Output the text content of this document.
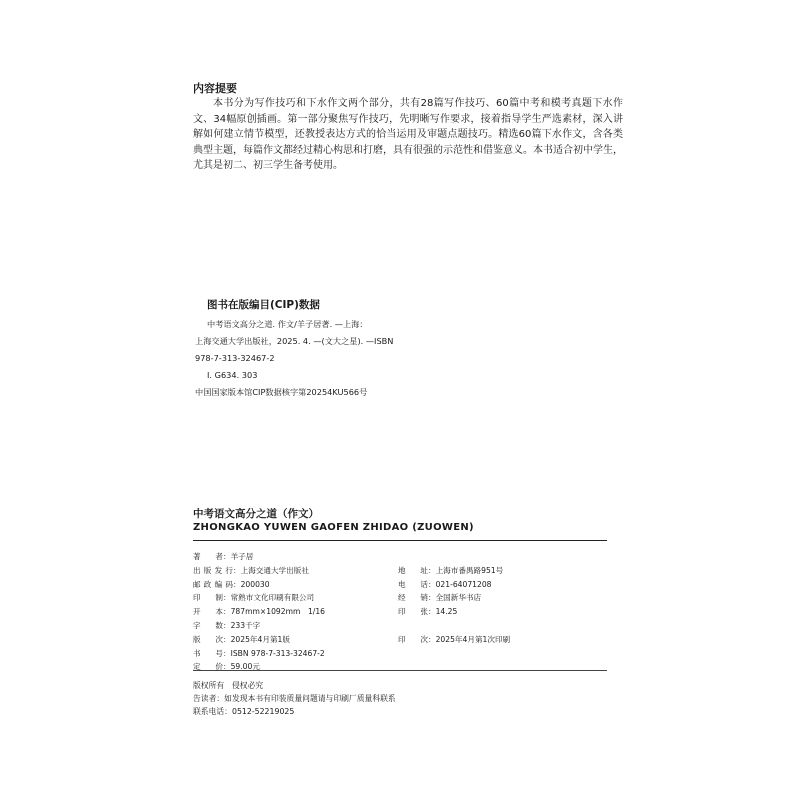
内容提要

本书分为写作技巧和下水作文两个部分，共有28篇写作技巧、60篇中考和模考真题下水作文、34幅原创插画。第一部分聚焦写作技巧，先明晰写作要求，接着指导学生严选素材，深入讲解如何建立情节模型，还教授表达方式的恰当运用及审题点题技巧。精选60篇下水作文，含各类典型主题，每篇作文都经过精心构思和打磨，具有很强的示范性和借鉴意义。本书适合初中学生，尤其是初二、初三学生备考使用。

图书在版编目(CIP)数据
中考语文高分之道. 作文/羊子居著. —上海：
上海交通大学出版社，2025. 4. —(文大之星). —ISBN
978-7-313-32467-2
Ⅰ. G634. 303
中国国家版本馆CIP数据核字第20254KU566号
中考语文高分之道（作文）
ZHONGKAO YUWEN GAOFEN ZHIDAO (ZUOWEN)
著　者：羊子居
出版发行：上海交通大学出版社	地　址：上海市番禺路951号
邮政编码：200030	电　话：021-64071208
印　制：常熟市文化印刷有限公司	经　销：全国新华书店
开　本：787mm×1092mm　1/16	印　张：14.25
字　数：233千字
版　次：2025年4月第1版	印　次：2025年4月第1次印刷
书　号：ISBN 978-7-313-32467-2
定　价：59.00元
版权所有　侵权必究
告读者：如发现本书有印装质量问题请与印刷厂质量科联系
联系电话：0512-52219025
